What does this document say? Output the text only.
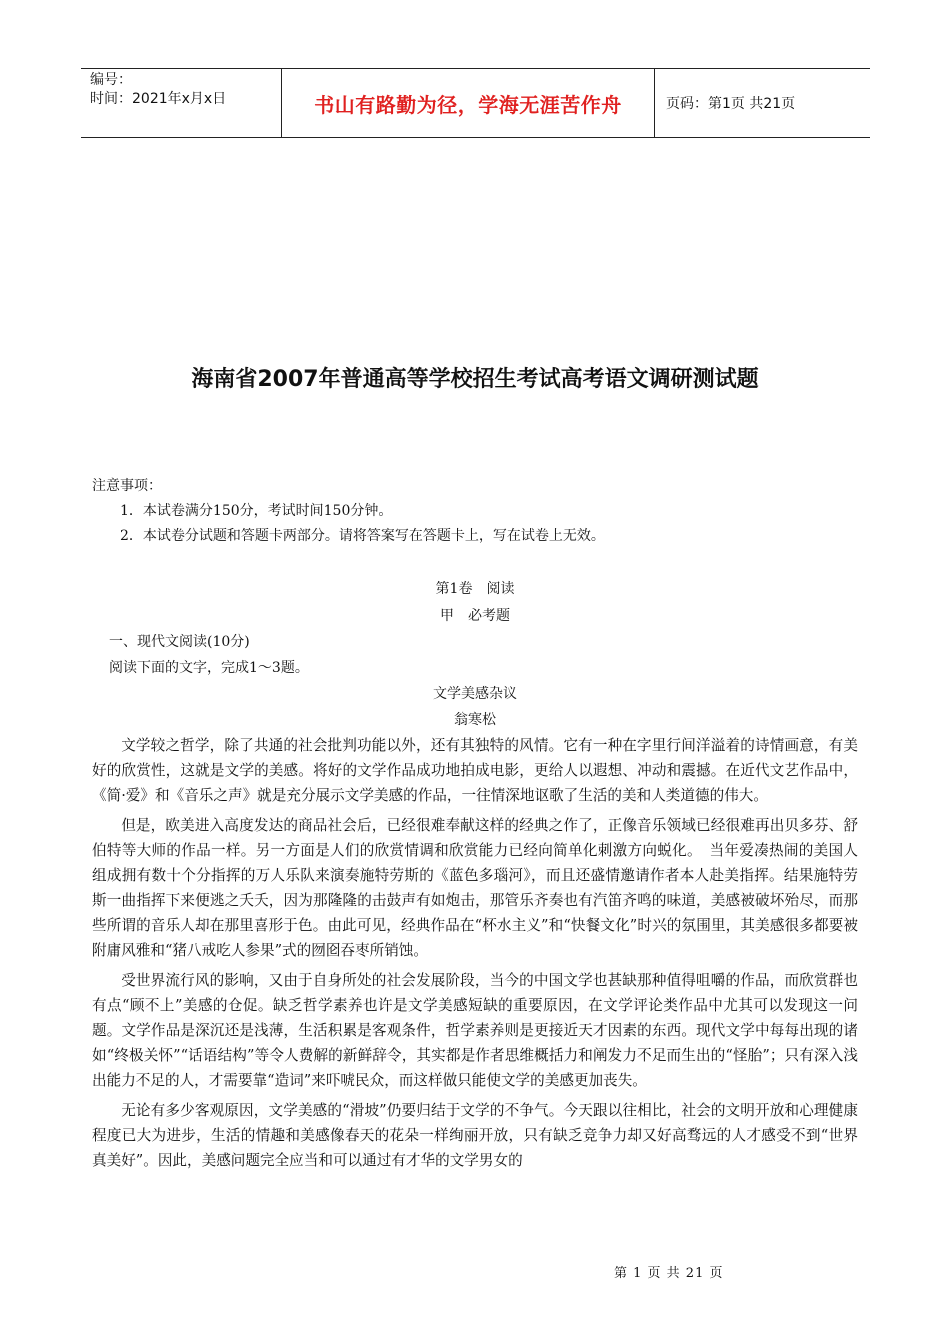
编号：
时间：2021年x月x日	书山有路勤为径，学海无涯苦作舟	页码：第1页 共21页
海南省2007年普通高等学校招生考试高考语文调研测试题
注意事项：
1．本试卷满分150分，考试时间150分钟。
2．本试卷分试题和答题卡两部分。请将答案写在答题卡上，写在试卷上无效。
第1卷　阅读
甲　必考题
一、现代文阅读(10分)
阅读下面的文字，完成1～3题。
文学美感杂议
翁寒松

文学较之哲学，除了共通的社会批判功能以外，还有其独特的风情。它有一种在字里行间洋溢着的诗情画意，有美好的欣赏性，这就是文学的美感。将好的文学作品成功地拍成电影，更给人以遐想、冲动和震撼。在近代文艺作品中，《简·爱》和《音乐之声》就是充分展示文学美感的作品，一往情深地讴歌了生活的美和人类道德的伟大。

但是，欧美进入高度发达的商品社会后，已经很难奉献这样的经典之作了，正像音乐领域已经很难再出贝多芬、舒伯特等大师的作品一样。另一方面是人们的欣赏情调和欣赏能力已经向简单化刺激方向蜕化。　当年爱凑热闹的美国人组成拥有数十个分指挥的万人乐队来演奏施特劳斯的《蓝色多瑙河》，而且还盛情邀请作者本人赴美指挥。结果施特劳斯一曲指挥下来便逃之夭夭，因为那隆隆的击鼓声有如炮击，那管乐齐奏也有汽笛齐鸣的味道，美感被破坏殆尽，而那些所谓的音乐人却在那里喜形于色。由此可见，经典作品在“杯水主义”和“快餐文化”时兴的氛围里，其美感很多都要被附庸风雅和“猪八戒吃人参果”式的囫囵吞枣所销蚀。

受世界流行风的影响，又由于自身所处的社会发展阶段，当今的中国文学也甚缺那种值得咀嚼的作品，而欣赏群也有点“顾不上”美感的仓促。缺乏哲学素养也许是文学美感短缺的重要原因，在文学评论类作品中尤其可以发现这一问题。文学作品是深沉还是浅薄，生活积累是客观条件，哲学素养则是更接近天才因素的东西。现代文学中每每出现的诸如“终极关怀”“话语结构”等令人费解的新鲜辞令，其实都是作者思维概括力和阐发力不足而生出的“怪胎”；只有深入浅出能力不足的人，才需要靠“造词”来吓唬民众，而这样做只能使文学的美感更加丧失。

无论有多少客观原因，文学美感的“滑坡”仍要归结于文学的不争气。今天跟以往相比，社会的文明开放和心理健康程度已大为进步，生活的情趣和美感像春天的花朵一样绚丽开放，只有缺乏竞争力却又好高骛远的人才感受不到“世界真美好”。因此，美感问题完全应当和可以通过有才华的文学男女的

第 1 页 共 21 页
